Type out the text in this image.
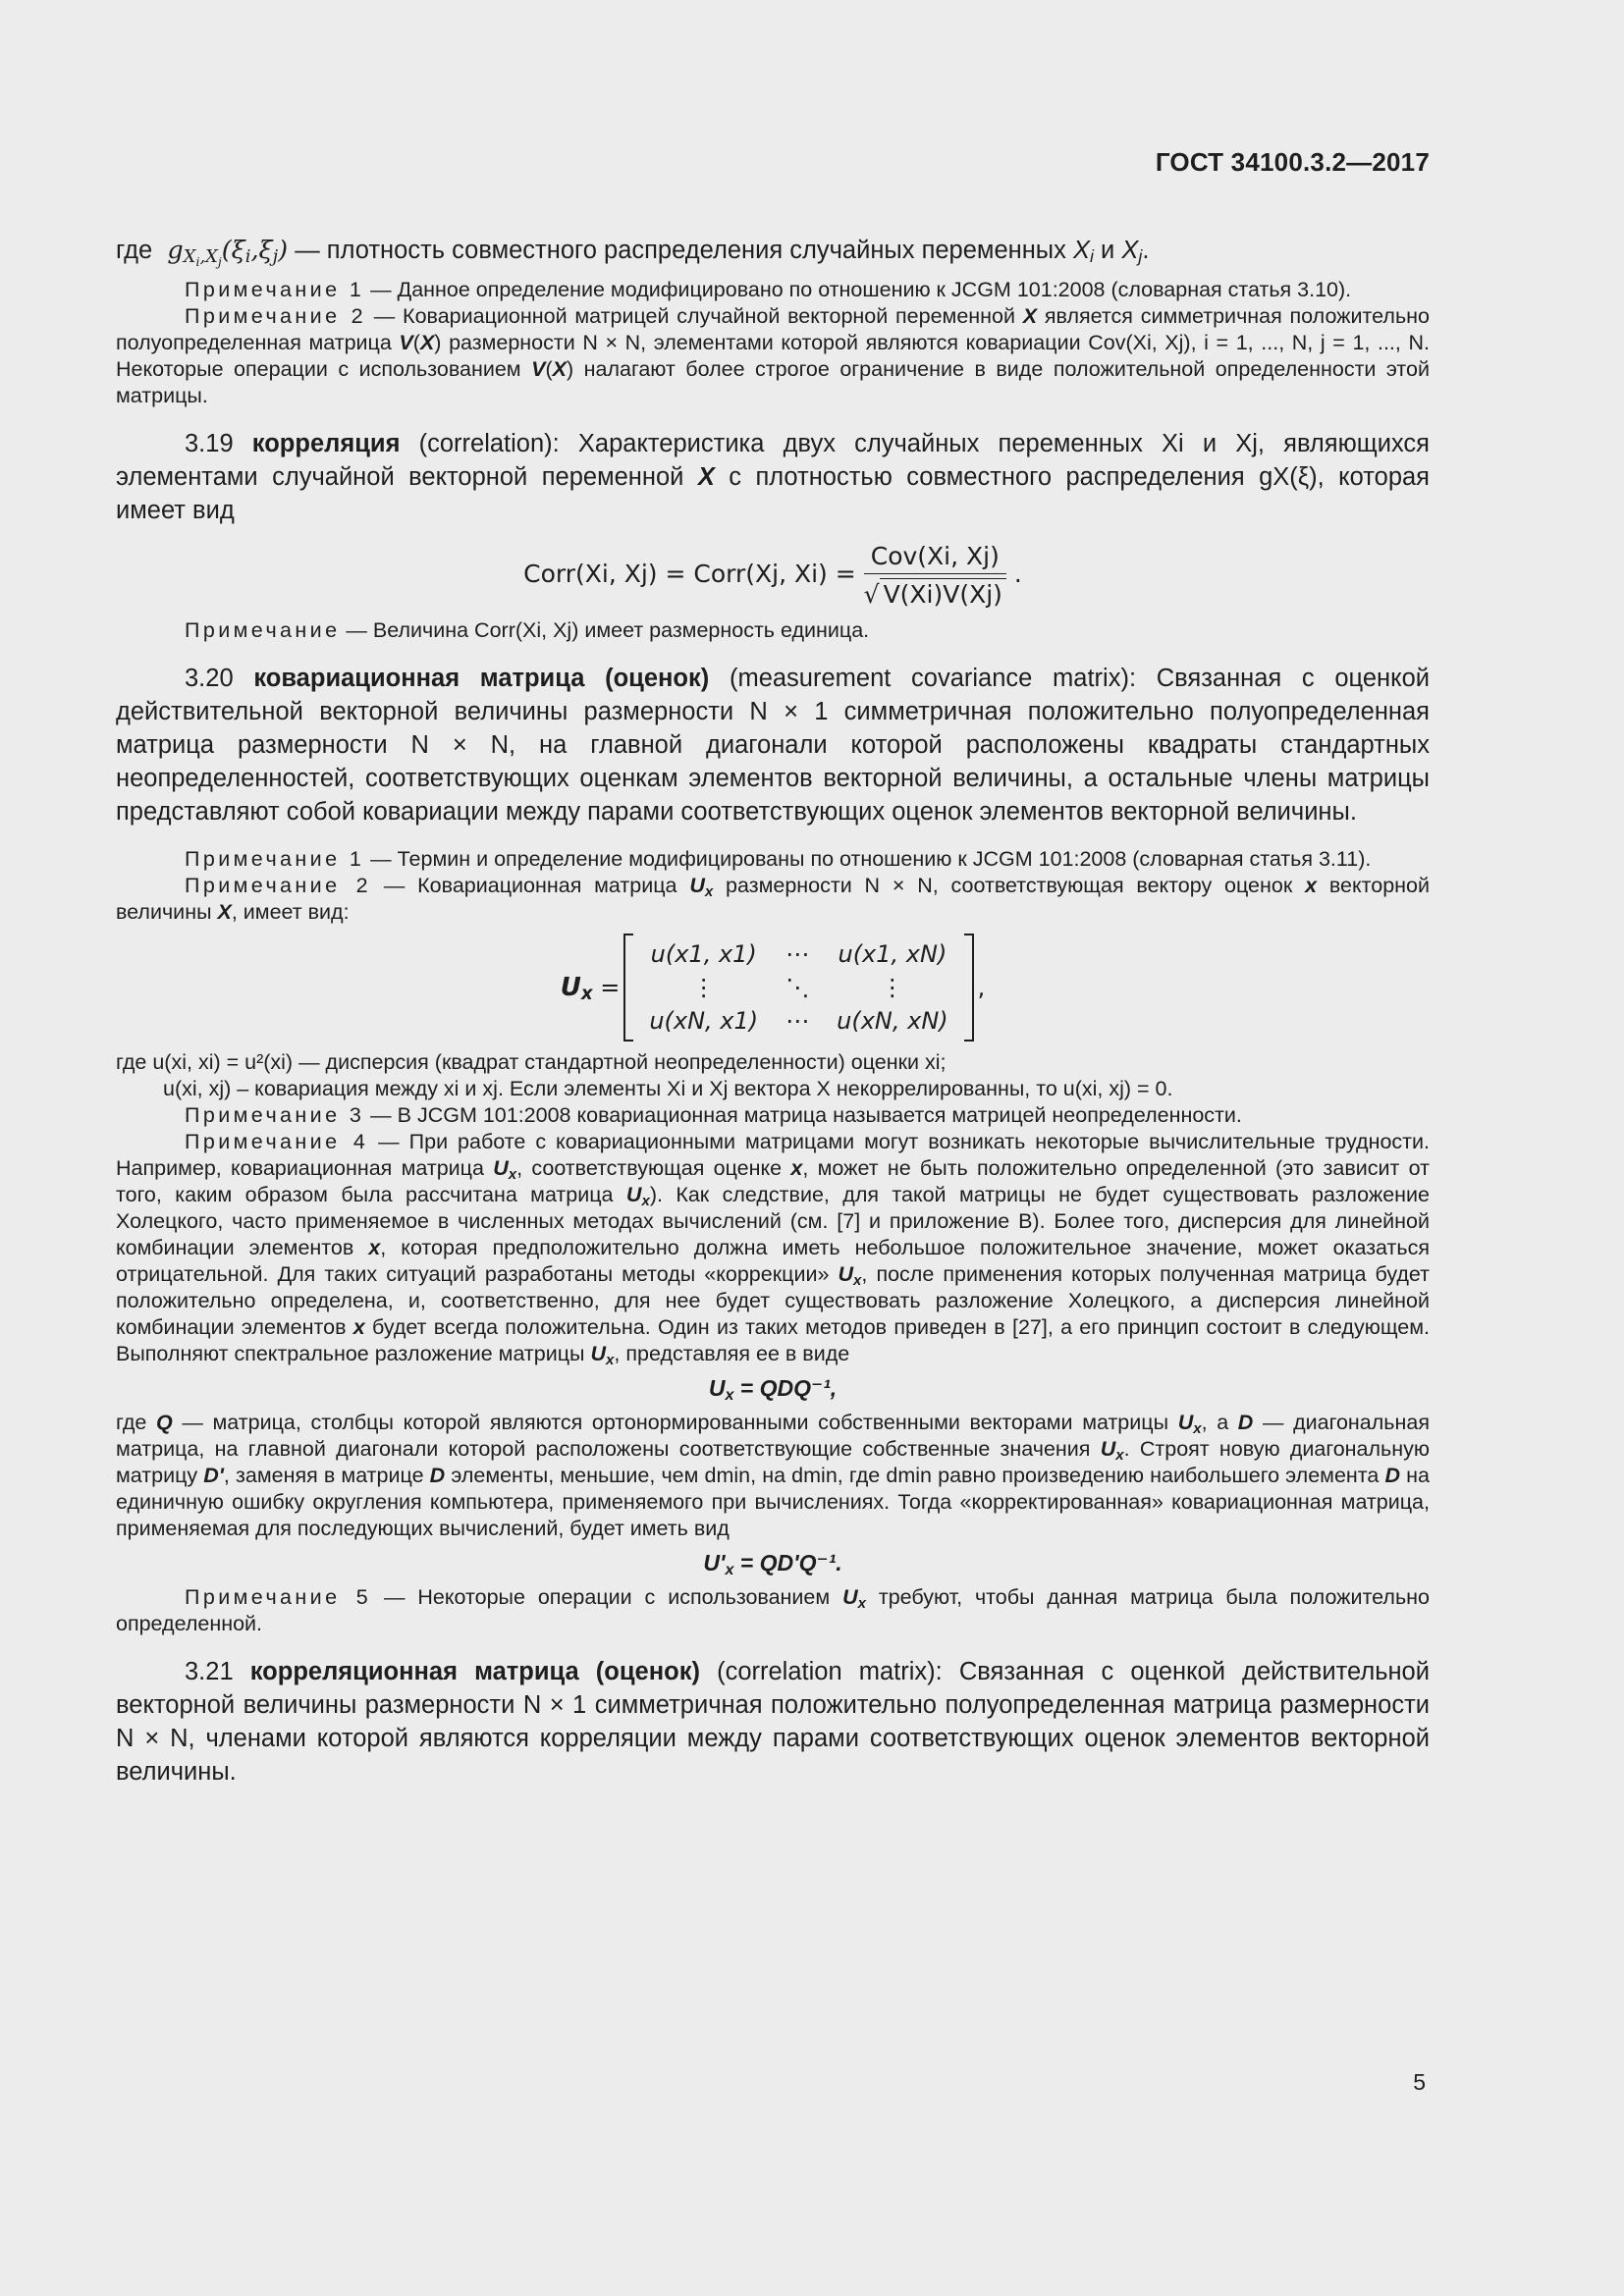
ГОСТ 34100.3.2—2017

где  $g_{X_i,X_j}(\xi_i,\xi_j)$ — плотность совместного распределения случайных переменных $X_i$ и $X_j$.

Примечание 1 — Данное определение модифицировано по отношению к JCGM 101:2008 (словарная статья 3.10).

Примечание 2 — Ковариационной матрицей случайной векторной переменной X является симметричная положительно полуопределенная матрица V(X) размерности N × N, элементами которой являются ковариации Cov(Xi, Xj), i = 1, ..., N, j = 1, ..., N. Некоторые операции с использованием V(X) налагают более строгое ограничение в виде положительной определенности этой матрицы.

3.19 корреляция (correlation): Характеристика двух случайных переменных Xi и Xj, являющихся элементами случайной векторной переменной X с плотностью совместного распределения gX(ξ), которая имеет вид

Corr(Xi, Xj) = Corr(Xj, $Xi) = \frac{\text{Cov(Xi, Xj)}}{√ V(Xi)V(Xj)}$ .

Примечание — Величина Corr(Xi, Xj) имеет размерность единица.

3.20 ковариационная матрица (оценок) (measurement covariance matrix): Связанная с оценкой действительной векторной величины размерности N × 1 симметричная положительно полуопределенная матрица размерности N × N, на главной диагонали которой расположены квадраты стандартных неопределенностей, соответствующих оценкам элементов векторной величины, а остальные члены матрицы представляют собой ковариации между парами соответствующих оценок элементов векторной величины.

Примечание 1 — Термин и определение модифицированы по отношению к JCGM 101:2008 (словарная статья 3.11).

Примечание 2 — Ковариационная матрица $U_x$ размерности N × N, соответствующая вектору оценок x векторной величины X, имеет вид:

$U_x$
=
u(x1, x1)	⋯	u(x1, xN)
⋮	⋱	⋮
u(xN, x1)	⋯	u(xN, xN)
,

где u(xi, xi) = u²(xi) — дисперсия (квадрат стандартной неопределенности) оценки xi;

u(xi, xj) – ковариация между xi и xj. Если элементы Xi и Xj вектора X некоррелированны, то u(xi, xj) = 0.

Примечание 3 — В JCGM 101:2008 ковариационная матрица называется матрицей неопределенности.

Примечание 4 — При работе с ковариационными матрицами могут возникать некоторые вычислительные трудности. Например, ковариационная матрица $U_x$, соответствующая оценке x, может не быть положительно определенной (это зависит от того, каким образом была рассчитана матрица $U_x$). Как следствие, для такой матрицы не будет существовать разложение Холецкого, часто применяемое в численных методах вычислений (см. [7] и приложение В). Более того, дисперсия для линейной комбинации элементов x, которая предположительно должна иметь небольшое положительное значение, может оказаться отрицательной. Для таких ситуаций разработаны методы «коррекции» $U_x$, после применения которых полученная матрица будет положительно определена, и, соответственно, для нее будет существовать разложение Холецкого, а дисперсия линейной комбинации элементов x будет всегда положительна. Один из таких методов приведен в [27], а его принцип состоит в следующем. Выполняют спектральное разложение матрицы $U_x$, представляя ее в виде

$U_x = QDQ^{-1}$,

где Q — матрица, столбцы которой являются ортонормированными собственными векторами матрицы $U_x$, а D — диагональная матрица, на главной диагонали которой расположены соответствующие собственные значения $U_x$. Строят новую диагональную матрицу D', заменяя в матрице D элементы, меньшие, чем dmin, на dmin, где dmin равно произведению наибольшего элемента D на единичную ошибку округления компьютера, применяемого при вычислениях. Тогда «корректированная» ковариационная матрица, применяемая для последующих вычислений, будет иметь вид

$U'_x = QD'Q^{-1}$.

Примечание 5 — Некоторые операции с использованием $U_x$ требуют, чтобы данная матрица была положительно определенной.

3.21 корреляционная матрица (оценок) (correlation matrix): Связанная с оценкой действительной векторной величины размерности N × 1 симметричная положительно полуопределенная матрица размерности N × N, членами которой являются корреляции между парами соответствующих оценок элементов векторной величины.

5
